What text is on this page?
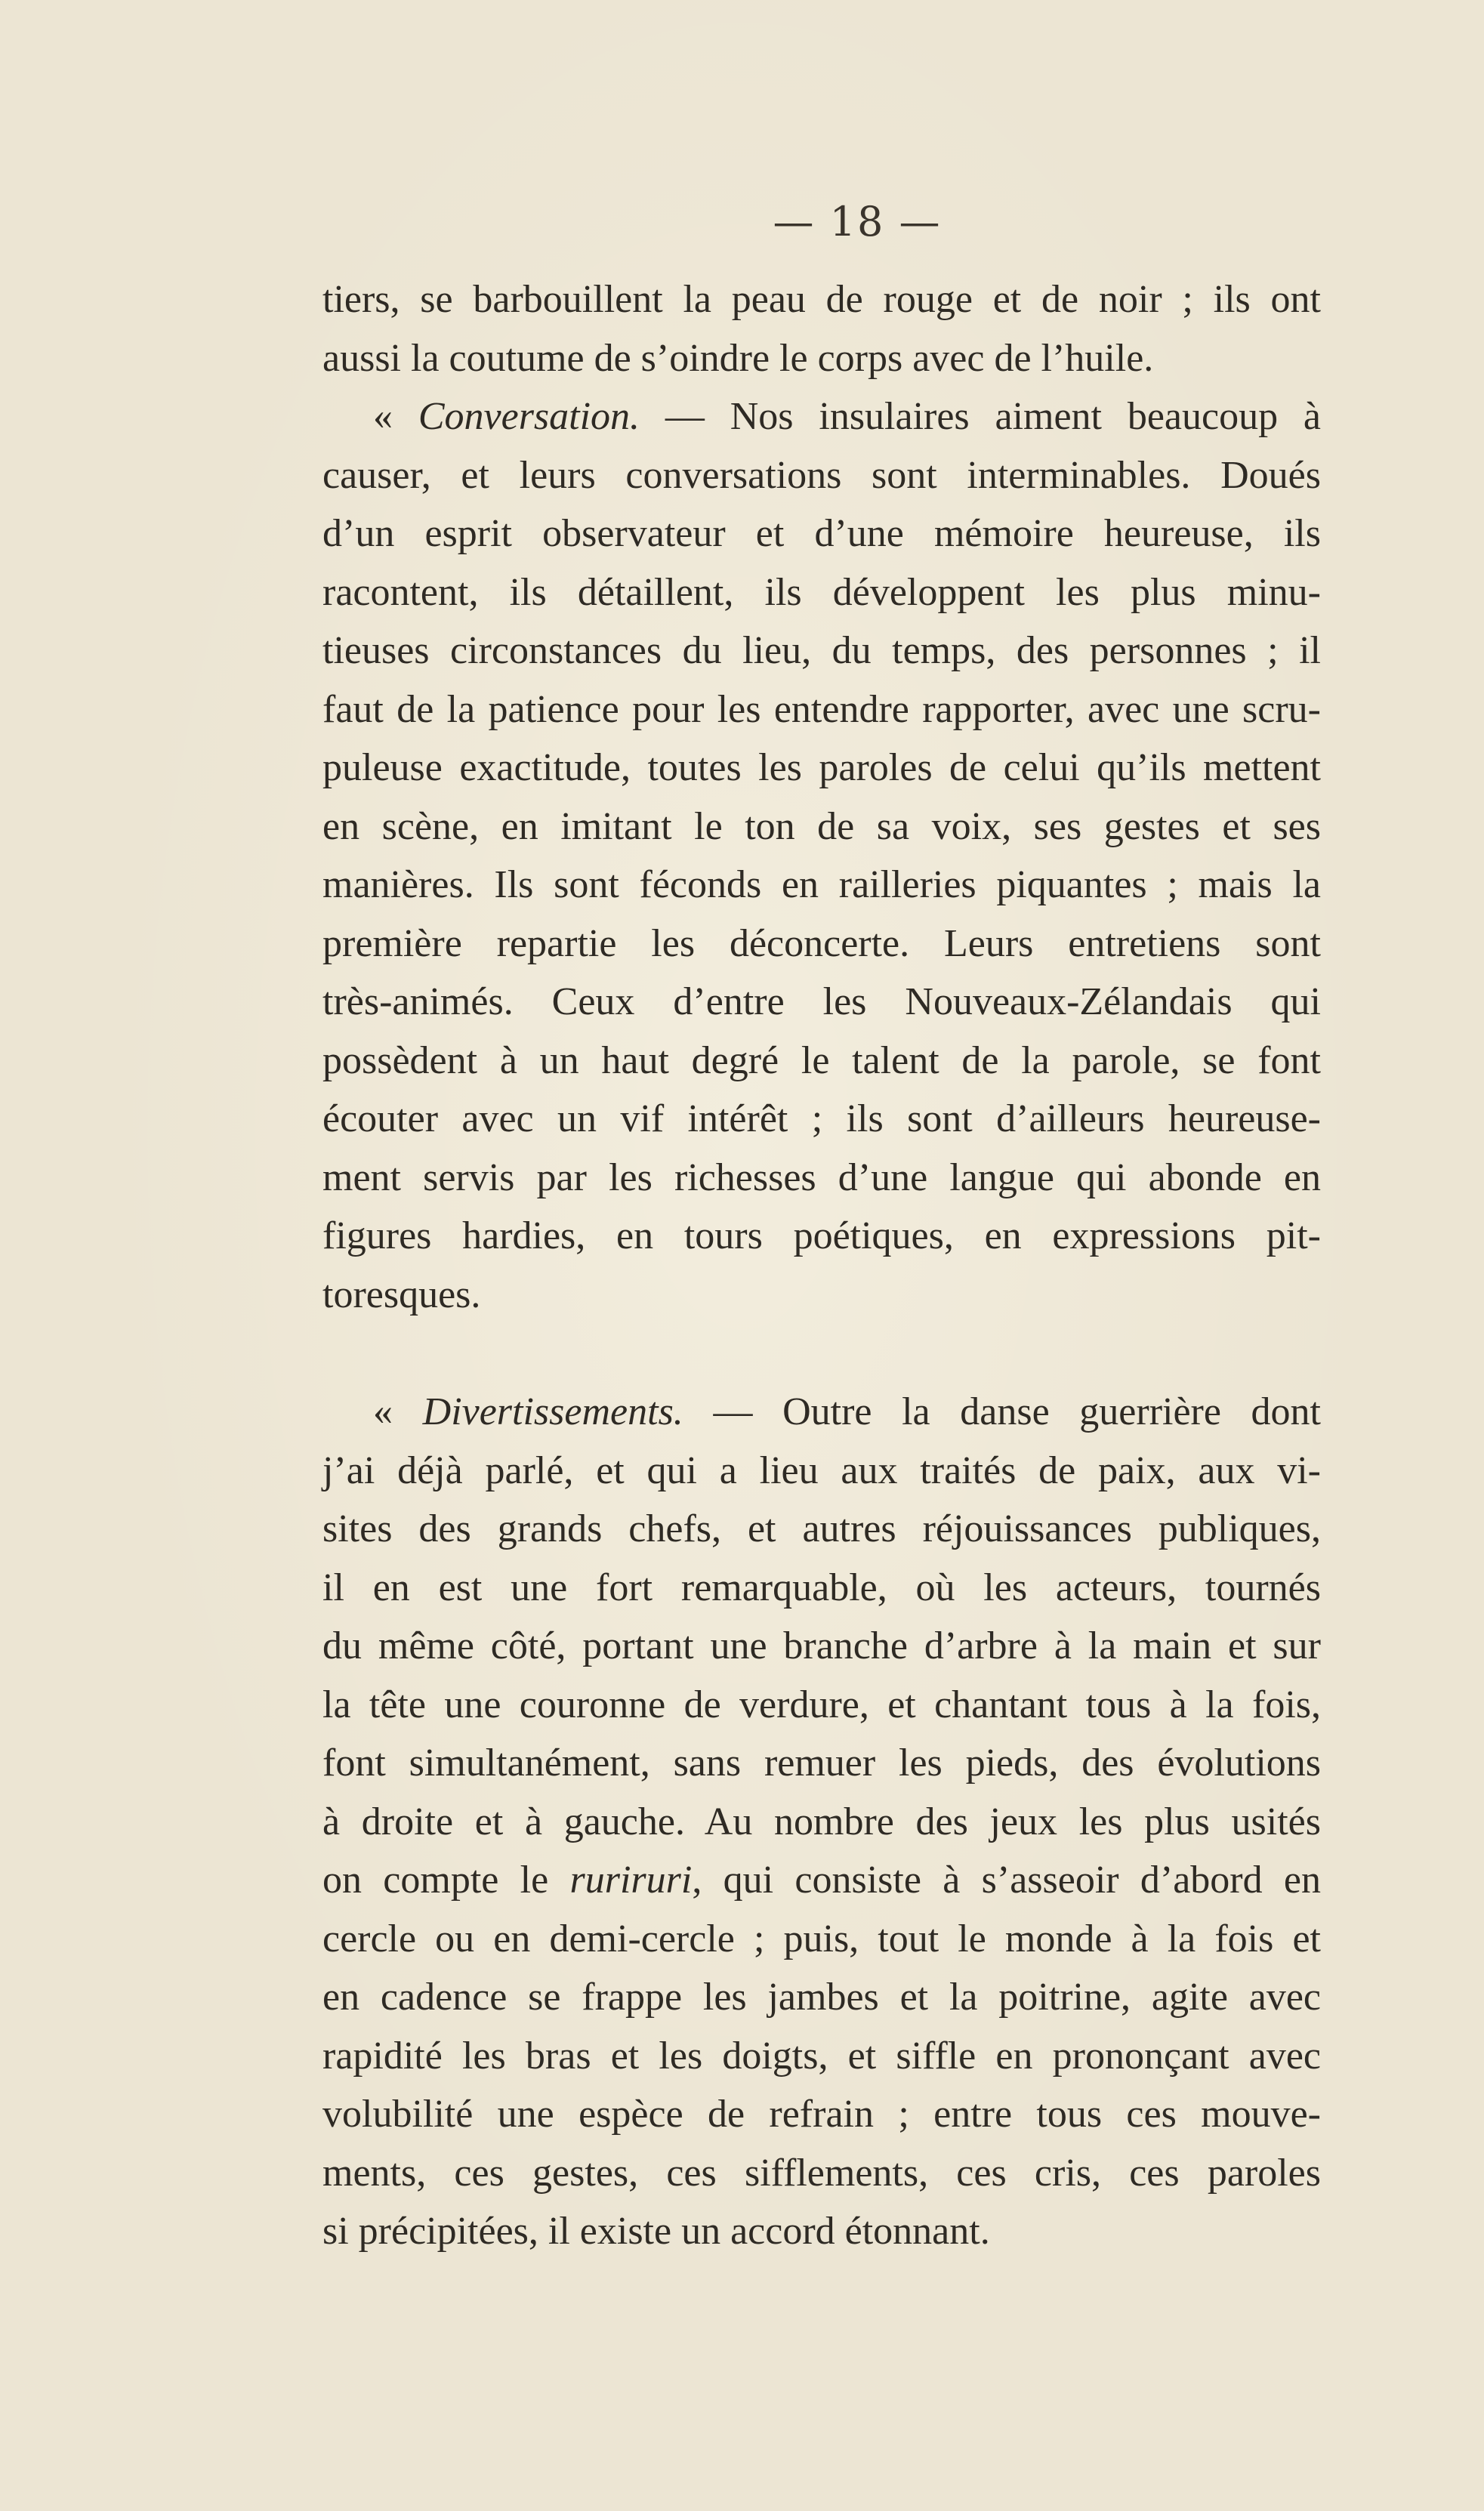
— 18 —
tiers, se barbouillent la peau de rouge et de noir ; ils ont
aussi la coutume de s’oindre le corps avec de l’huile.
« Conversation. — Nos insulaires aiment beaucoup à
causer, et leurs conversations sont interminables. Doués
d’un esprit observateur et d’une mémoire heureuse, ils
racontent, ils détaillent, ils développent les plus minu-
tieuses circonstances du lieu, du temps, des personnes ; il
faut de la patience pour les entendre rapporter, avec une scru-
puleuse exactitude, toutes les paroles de celui qu’ils mettent
en scène, en imitant le ton de sa voix, ses gestes et ses
manières. Ils sont féconds en railleries piquantes ; mais la
première repartie les déconcerte. Leurs entretiens sont
très-animés. Ceux d’entre les Nouveaux-Zélandais qui
possèdent à un haut degré le talent de la parole, se font
écouter avec un vif intérêt ; ils sont d’ailleurs heureuse-
ment servis par les richesses d’une langue qui abonde en
figures hardies, en tours poétiques, en expressions pit-
toresques.
« Divertissements. — Outre la danse guerrière dont
j’ai déjà parlé, et qui a lieu aux traités de paix, aux vi-
sites des grands chefs, et autres réjouissances publiques,
il en est une fort remarquable, où les acteurs, tournés
du même côté, portant une branche d’arbre à la main et sur
la tête une couronne de verdure, et chantant tous à la fois,
font simultanément, sans remuer les pieds, des évolutions
à droite et à gauche. Au nombre des jeux les plus usités
on compte le ruriruri, qui consiste à s’asseoir d’abord en
cercle ou en demi-cercle ; puis, tout le monde à la fois et
en cadence se frappe les jambes et la poitrine, agite avec
rapidité les bras et les doigts, et siffle en prononçant avec
volubilité une espèce de refrain ; entre tous ces mouve-
ments, ces gestes, ces sifflements, ces cris, ces paroles
si précipitées, il existe un accord étonnant.
